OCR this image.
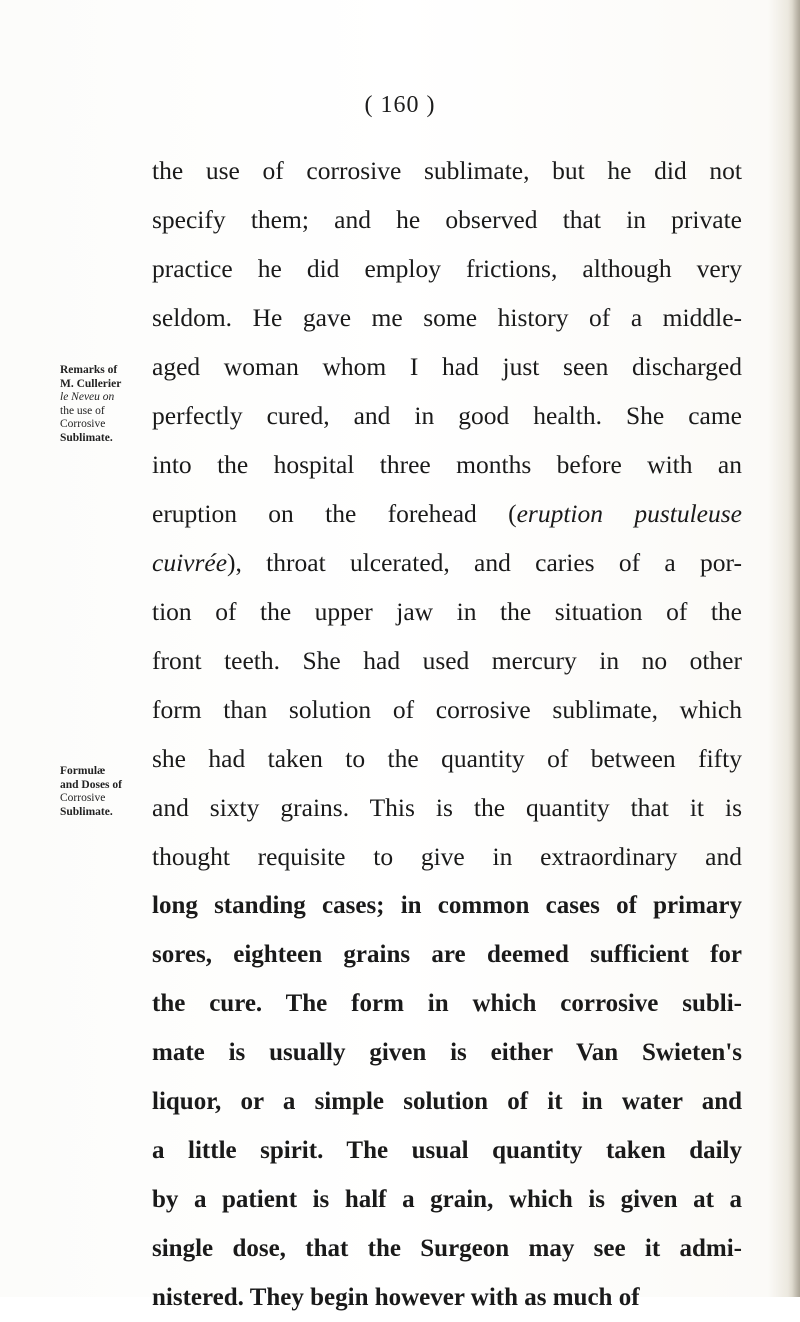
( 160 )
Remarks of
M. Cullerier
le Neveu on
the use of
Corrosive
Sublimate.
Formulæ
and Doses of
Corrosive
Sublimate.
the use of corrosive sublimate, but he did not
specify them; and he observed that in private
practice he did employ frictions, although very
seldom. He gave me some history of a middle-
aged woman whom I had just seen discharged
perfectly cured, and in good health. She came
into the hospital three months before with an
eruption on the forehead (eruption pustuleuse
cuivrée), throat ulcerated, and caries of a por-
tion of the upper jaw in the situation of the
front teeth. She had used mercury in no other
form than solution of corrosive sublimate, which
she had taken to the quantity of between fifty
and sixty grains. This is the quantity that it is
thought requisite to give in extraordinary and
long standing cases; in common cases of primary
sores, eighteen grains are deemed sufficient for
the cure. The form in which corrosive subli-
mate is usually given is either Van Swieten's
liquor, or a simple solution of it in water and
a little spirit. The usual quantity taken daily
by a patient is half a grain, which is given at a
single dose, that the Surgeon may see it admi-
nistered. They begin however with as much of
